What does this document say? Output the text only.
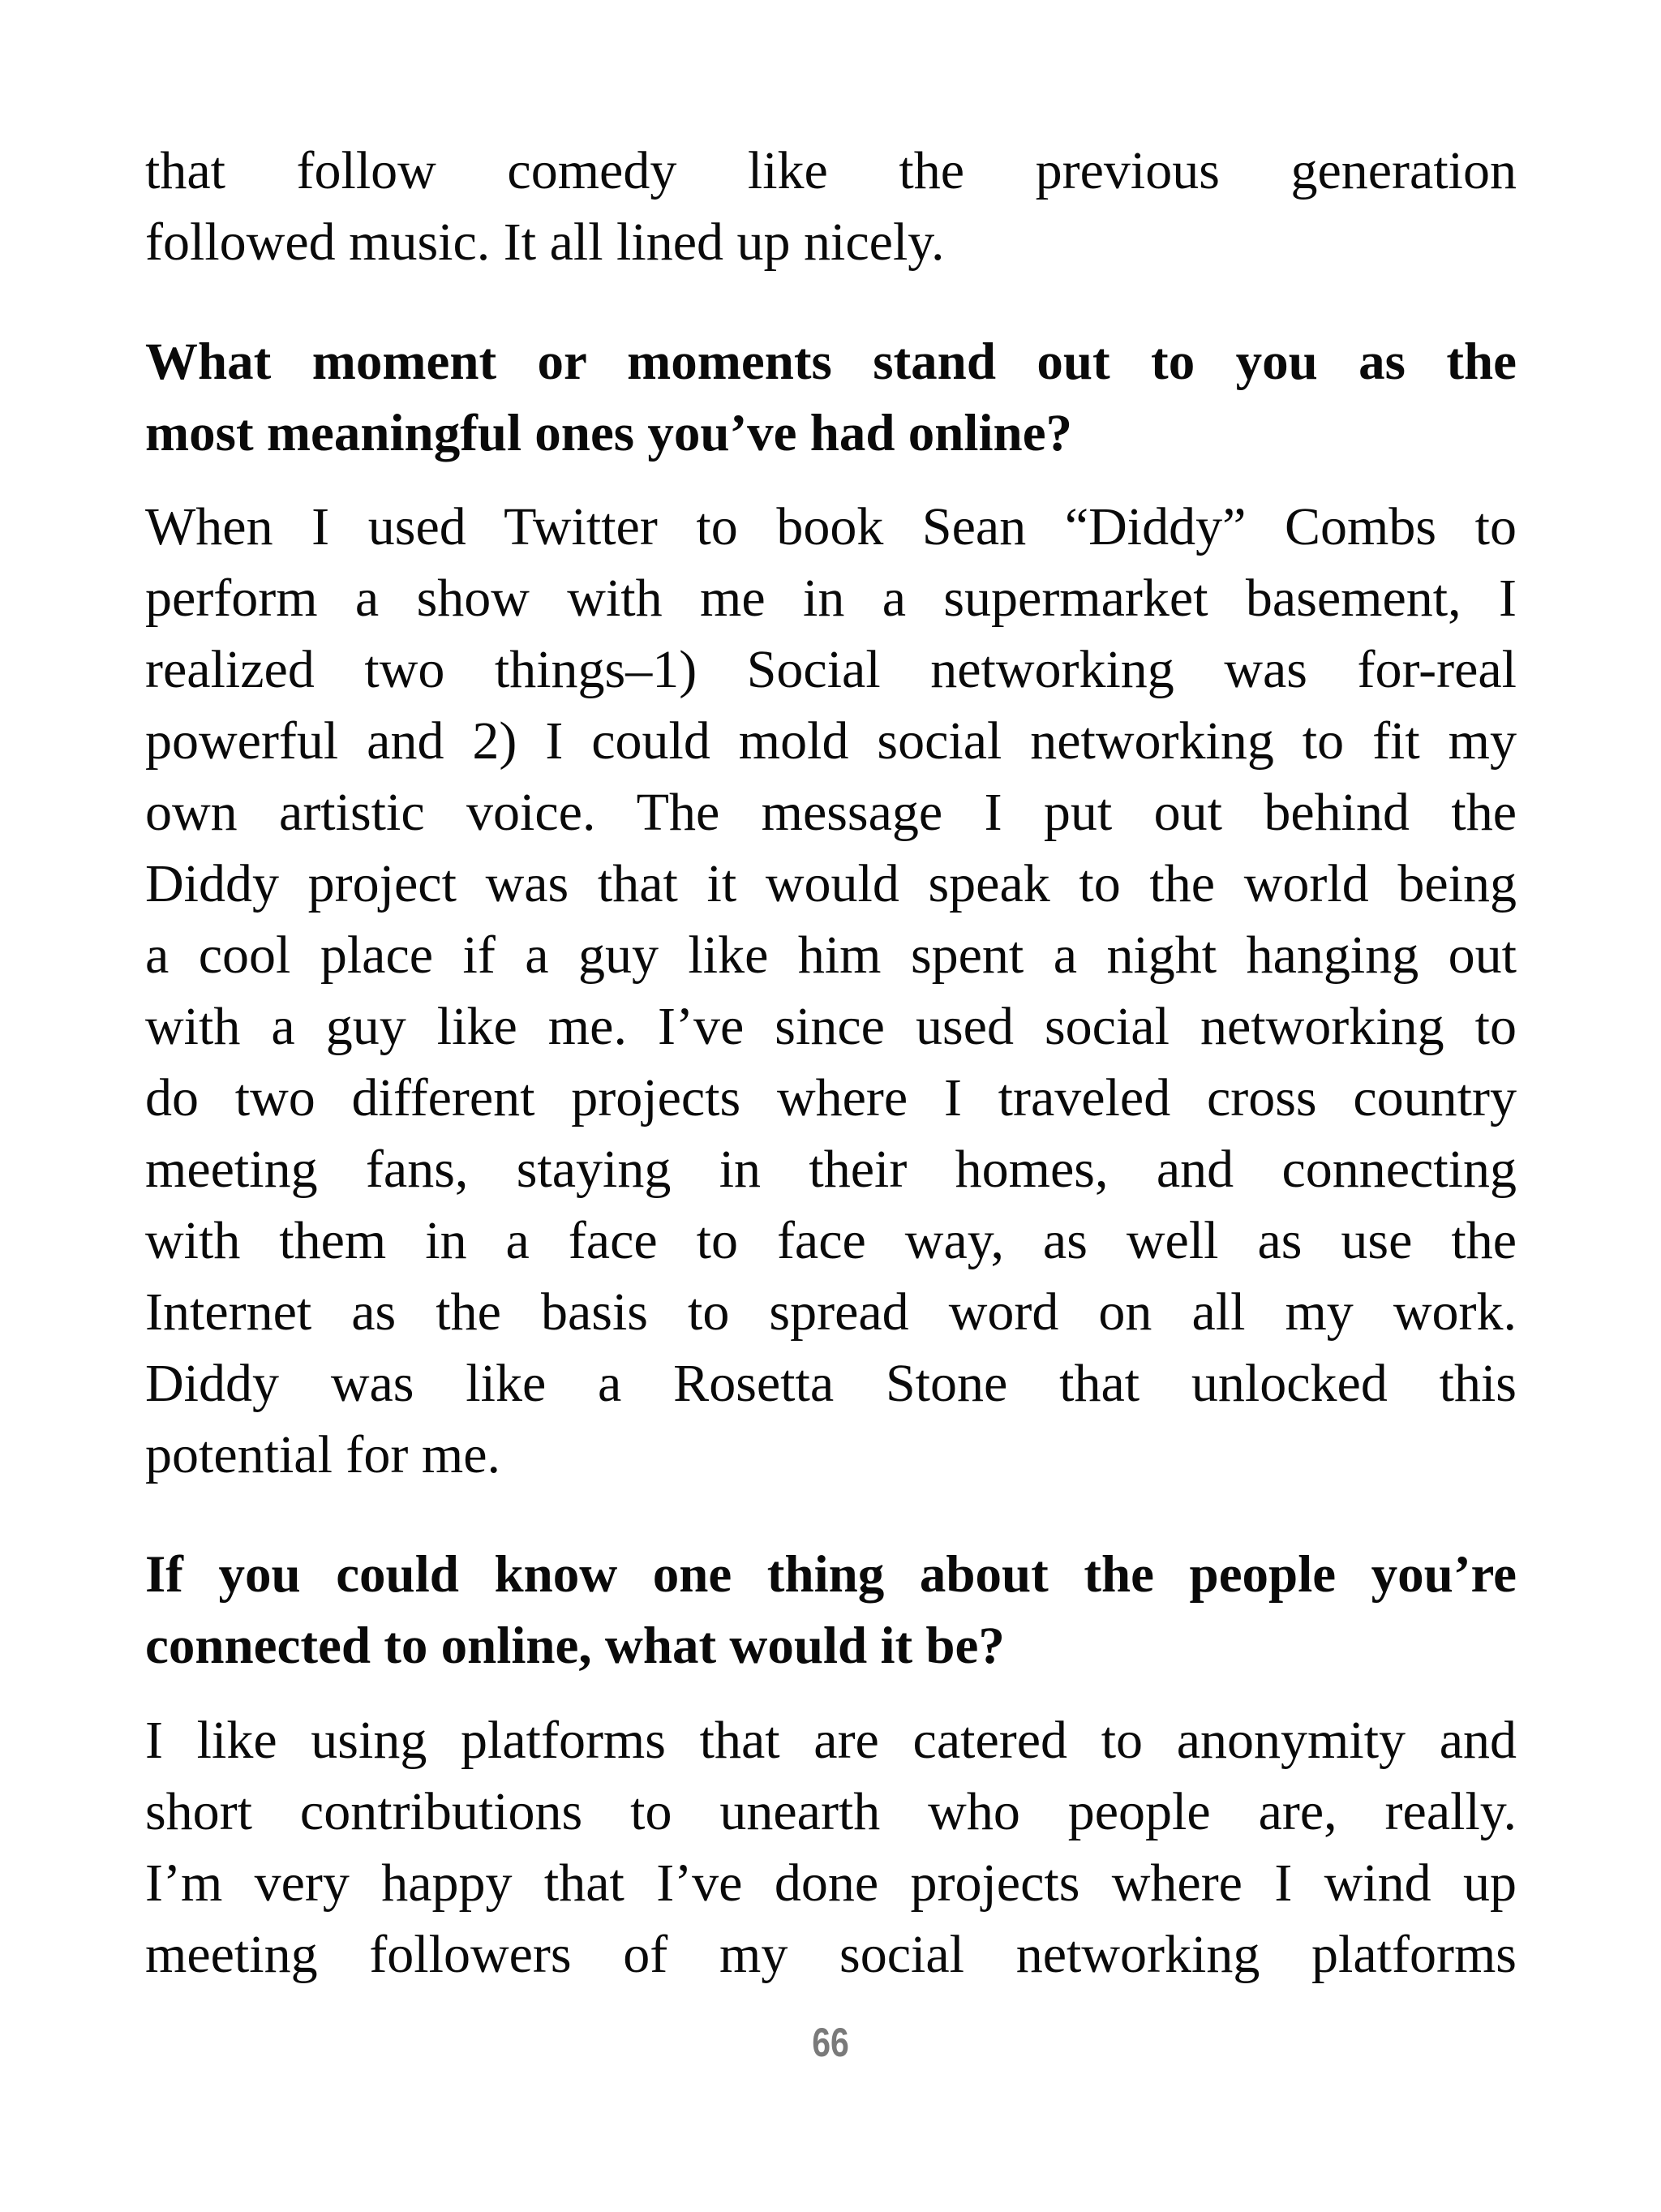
that follow comedy like the previous generation
followed music. It all lined up nicely.
What moment or moments stand out to you as the
most meaningful ones you’ve had online?
When I used Twitter to book Sean “Diddy” Combs to
perform a show with me in a supermarket basement, I
realized two things–1) Social networking was for-real
powerful and 2) I could mold social networking to fit my
own artistic voice. The message I put out behind the
Diddy project was that it would speak to the world being
a cool place if a guy like him spent a night hanging out
with a guy like me. I’ve since used social networking to
do two different projects where I traveled cross country
meeting fans, staying in their homes, and connecting
with them in a face to face way, as well as use the
Internet as the basis to spread word on all my work.
Diddy was like a Rosetta Stone that unlocked this
potential for me.
If you could know one thing about the people you’re
connected to online, what would it be?
I like using platforms that are catered to anonymity and
short contributions to unearth who people are, really.
I’m very happy that I’ve done projects where I wind up
meeting followers of my social networking platforms
66
